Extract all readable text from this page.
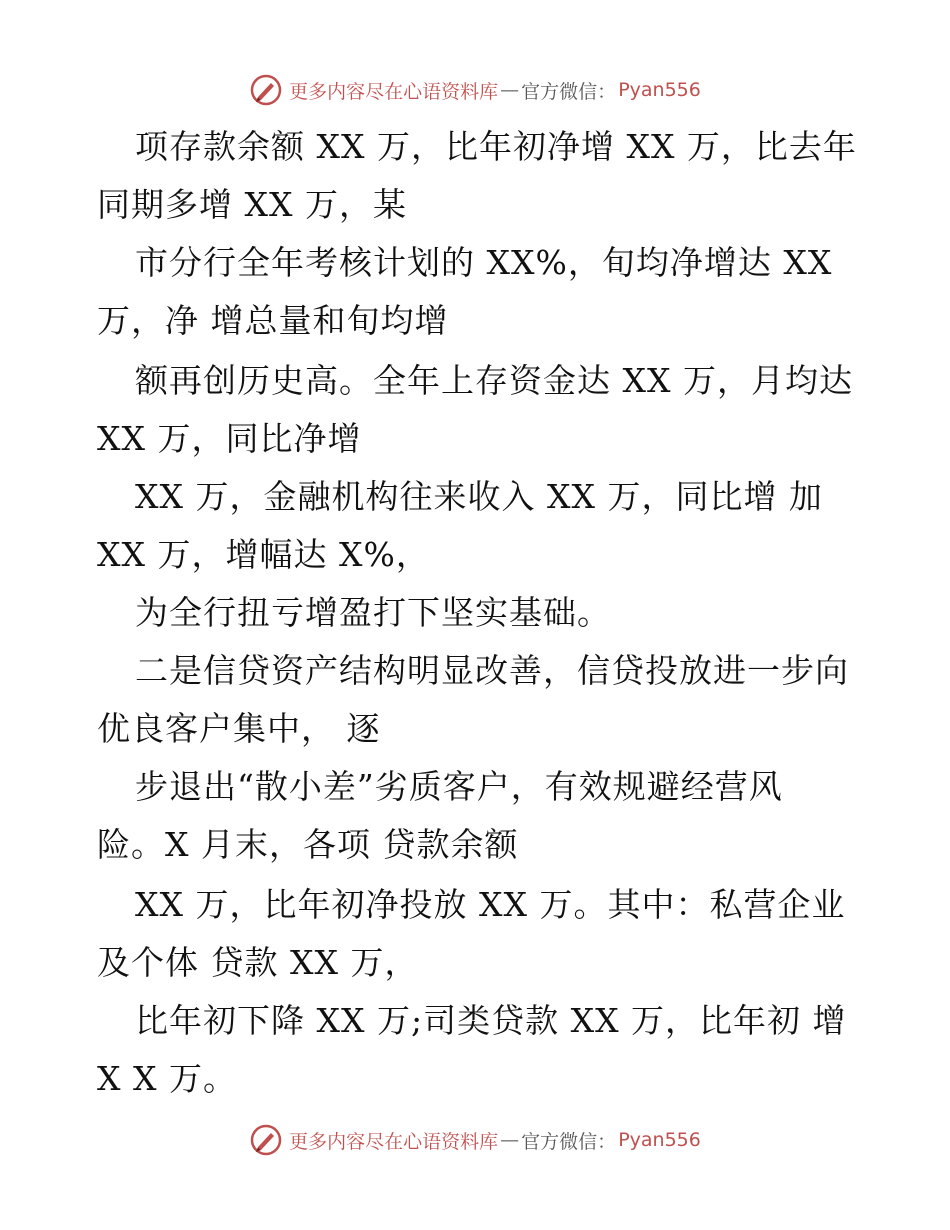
更多内容尽在心语资料库 — 官方微信： Pyan556
项存款余额 XX 万，比年初净增 XX 万，比去年
同期多增 XX 万，某
市分行全年考核计划的 XX%，旬均净增达 XX
万，净 增总量和旬均增
额再创历史高。全年上存资金达 XX 万，月均达
XX 万，同比净增
XX 万，金融机构往来收入 XX 万，同比增 加
XX 万，增幅达 X%，
为全行扭亏增盈打下坚实基础。
二是信贷资产结构明显改善，信贷投放进一步向
优良客户集中， 逐
步退出“散小差”劣质客户，有效规避经营风
险。X 月末，各项 贷款余额
XX 万，比年初净投放 XX 万。其中：私营企业
及个体 贷款 XX 万，
比年初下降 XX 万;司类贷款 XX 万，比年初 增
X X 万。
更多内容尽在心语资料库 — 官方微信： Pyan556
